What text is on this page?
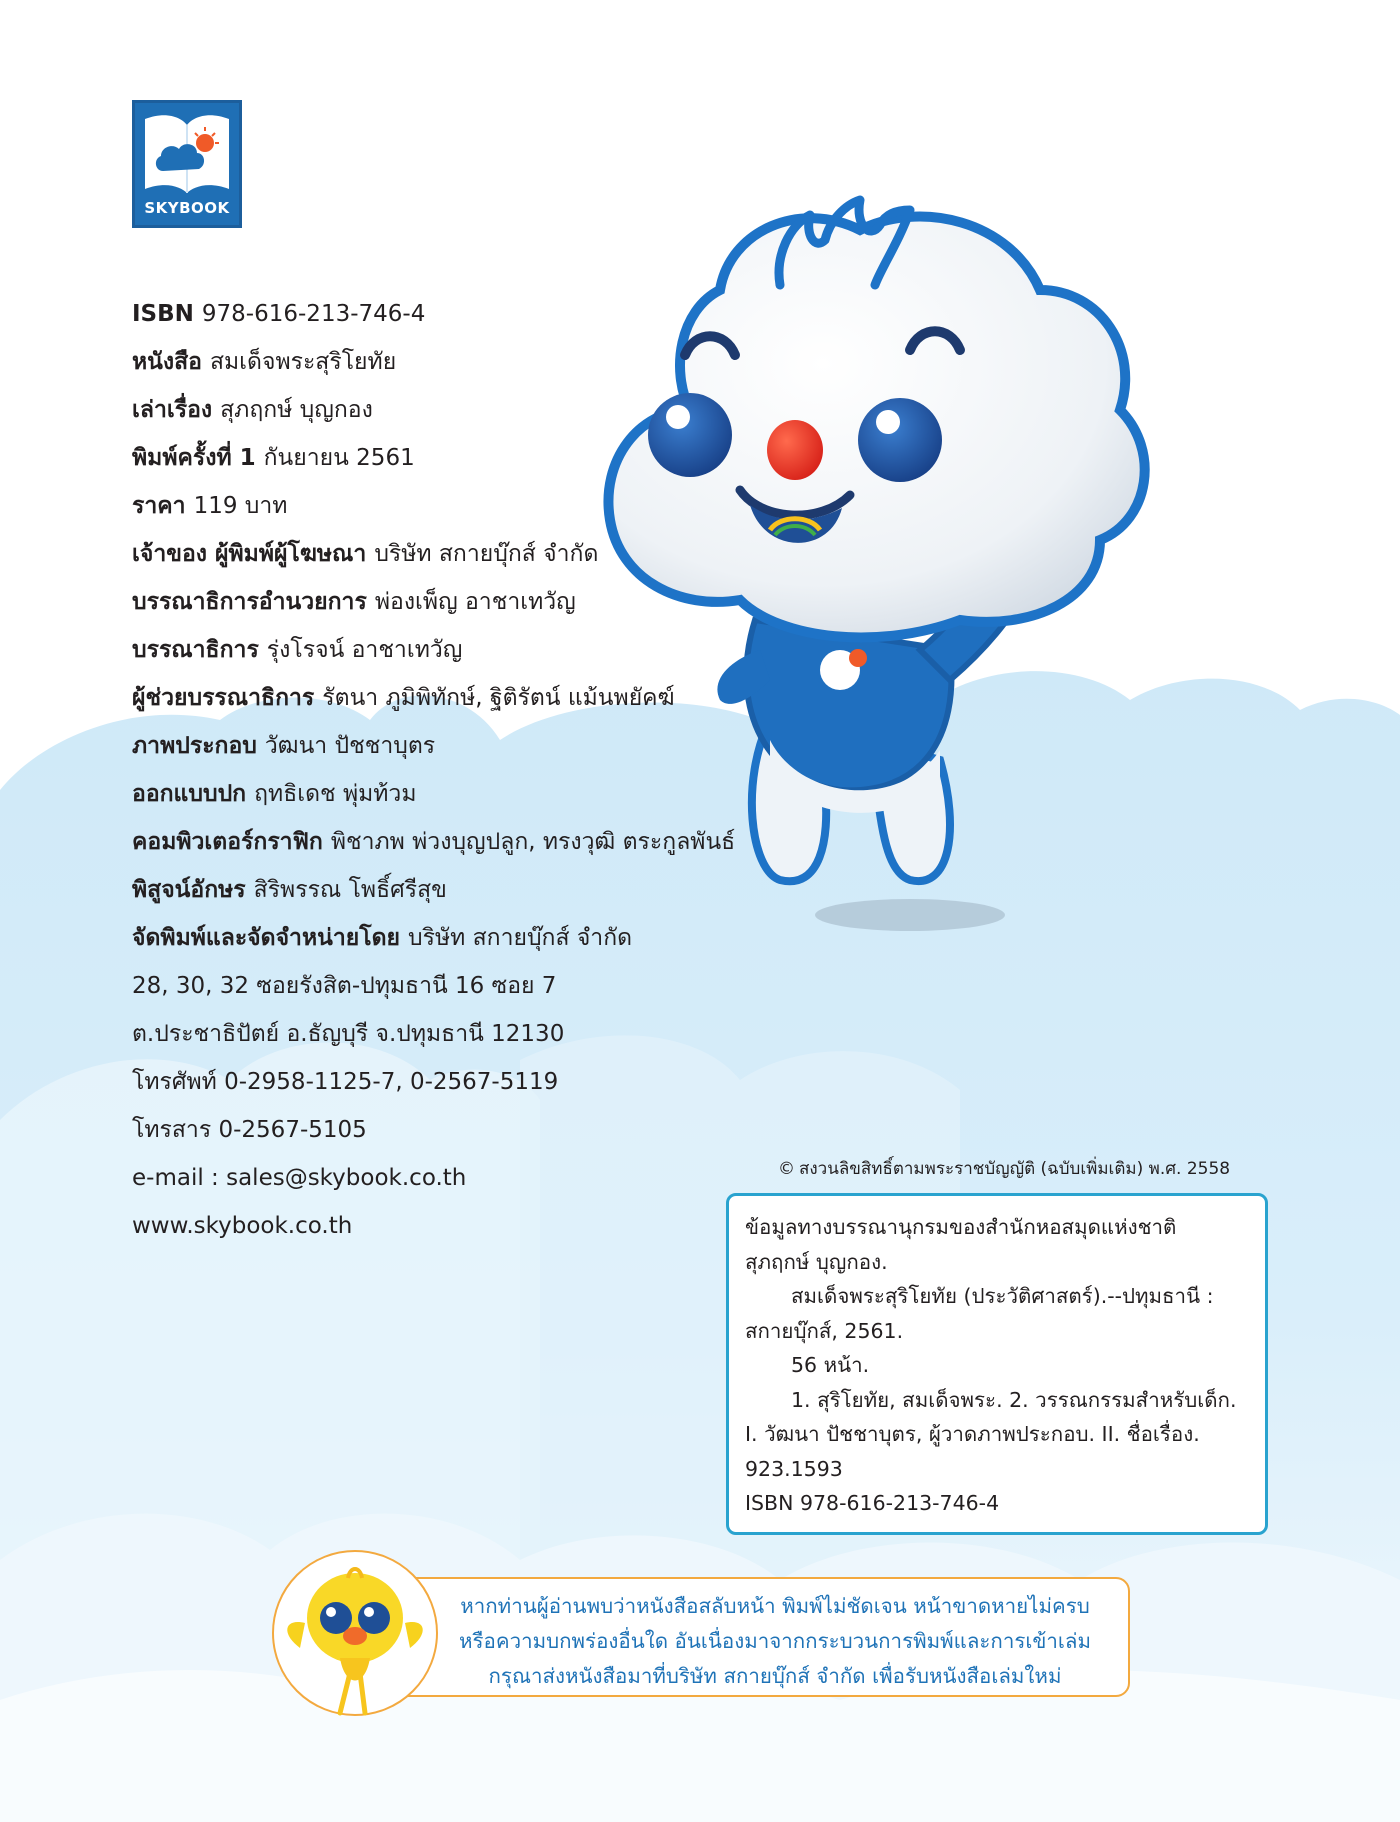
SKYBOOK
ISBN 978-616-213-746-4
หนังสือ สมเด็จพระสุริโยทัย
เล่าเรื่อง สุภฤกษ์ บุญกอง
พิมพ์ครั้งที่ 1 กันยายน 2561
ราคา 119 บาท
เจ้าของ ผู้พิมพ์ผู้โฆษณา บริษัท สกายบุ๊กส์ จำกัด
บรรณาธิการอำนวยการ พ่องเพ็ญ อาชาเทวัญ
บรรณาธิการ รุ่งโรจน์ อาชาเทวัญ
ผู้ช่วยบรรณาธิการ รัตนา ภูมิพิทักษ์, ฐิติรัตน์ แม้นพยัคฆ์
ภาพประกอบ วัฒนา ปัชชาบุตร
ออกแบบปก ฤทธิเดช พุ่มท้วม
คอมพิวเตอร์กราฟิก พิชาภพ พ่วงบุญปลูก, ทรงวุฒิ ตระกูลพันธ์
พิสูจน์อักษร สิริพรรณ โพธิ์ศรีสุข
จัดพิมพ์และจัดจำหน่ายโดย บริษัท สกายบุ๊กส์ จำกัด
28, 30, 32 ซอยรังสิต-ปทุมธานี 16 ซอย 7
ต.ประชาธิปัตย์ อ.ธัญบุรี จ.ปทุมธานี 12130
โทรศัพท์ 0-2958-1125-7, 0-2567-5119
โทรสาร 0-2567-5105
e-mail : sales@skybook.co.th
www.skybook.co.th
© สงวนลิขสิทธิ์ตามพระราชบัญญัติ (ฉบับเพิ่มเติม) พ.ศ. 2558
ข้อมูลทางบรรณานุกรมของสำนักหอสมุดแห่งชาติ
สุภฤกษ์ บุญกอง.
สมเด็จพระสุริโยทัย (ประวัติศาสตร์).--ปทุมธานี :
สกายบุ๊กส์, 2561.
56 หน้า.
1. สุริโยทัย, สมเด็จพระ. 2. วรรณกรรมสำหรับเด็ก.
I. วัฒนา ปัชชาบุตร, ผู้วาดภาพประกอบ. II. ชื่อเรื่อง.
923.1593
ISBN 978-616-213-746-4
หากท่านผู้อ่านพบว่าหนังสือสลับหน้า พิมพ์ไม่ชัดเจน หน้าขาดหายไม่ครบ
หรือความบกพร่องอื่นใด อันเนื่องมาจากกระบวนการพิมพ์และการเข้าเล่ม
กรุณาส่งหนังสือมาที่บริษัท สกายบุ๊กส์ จำกัด เพื่อรับหนังสือเล่มใหม่
